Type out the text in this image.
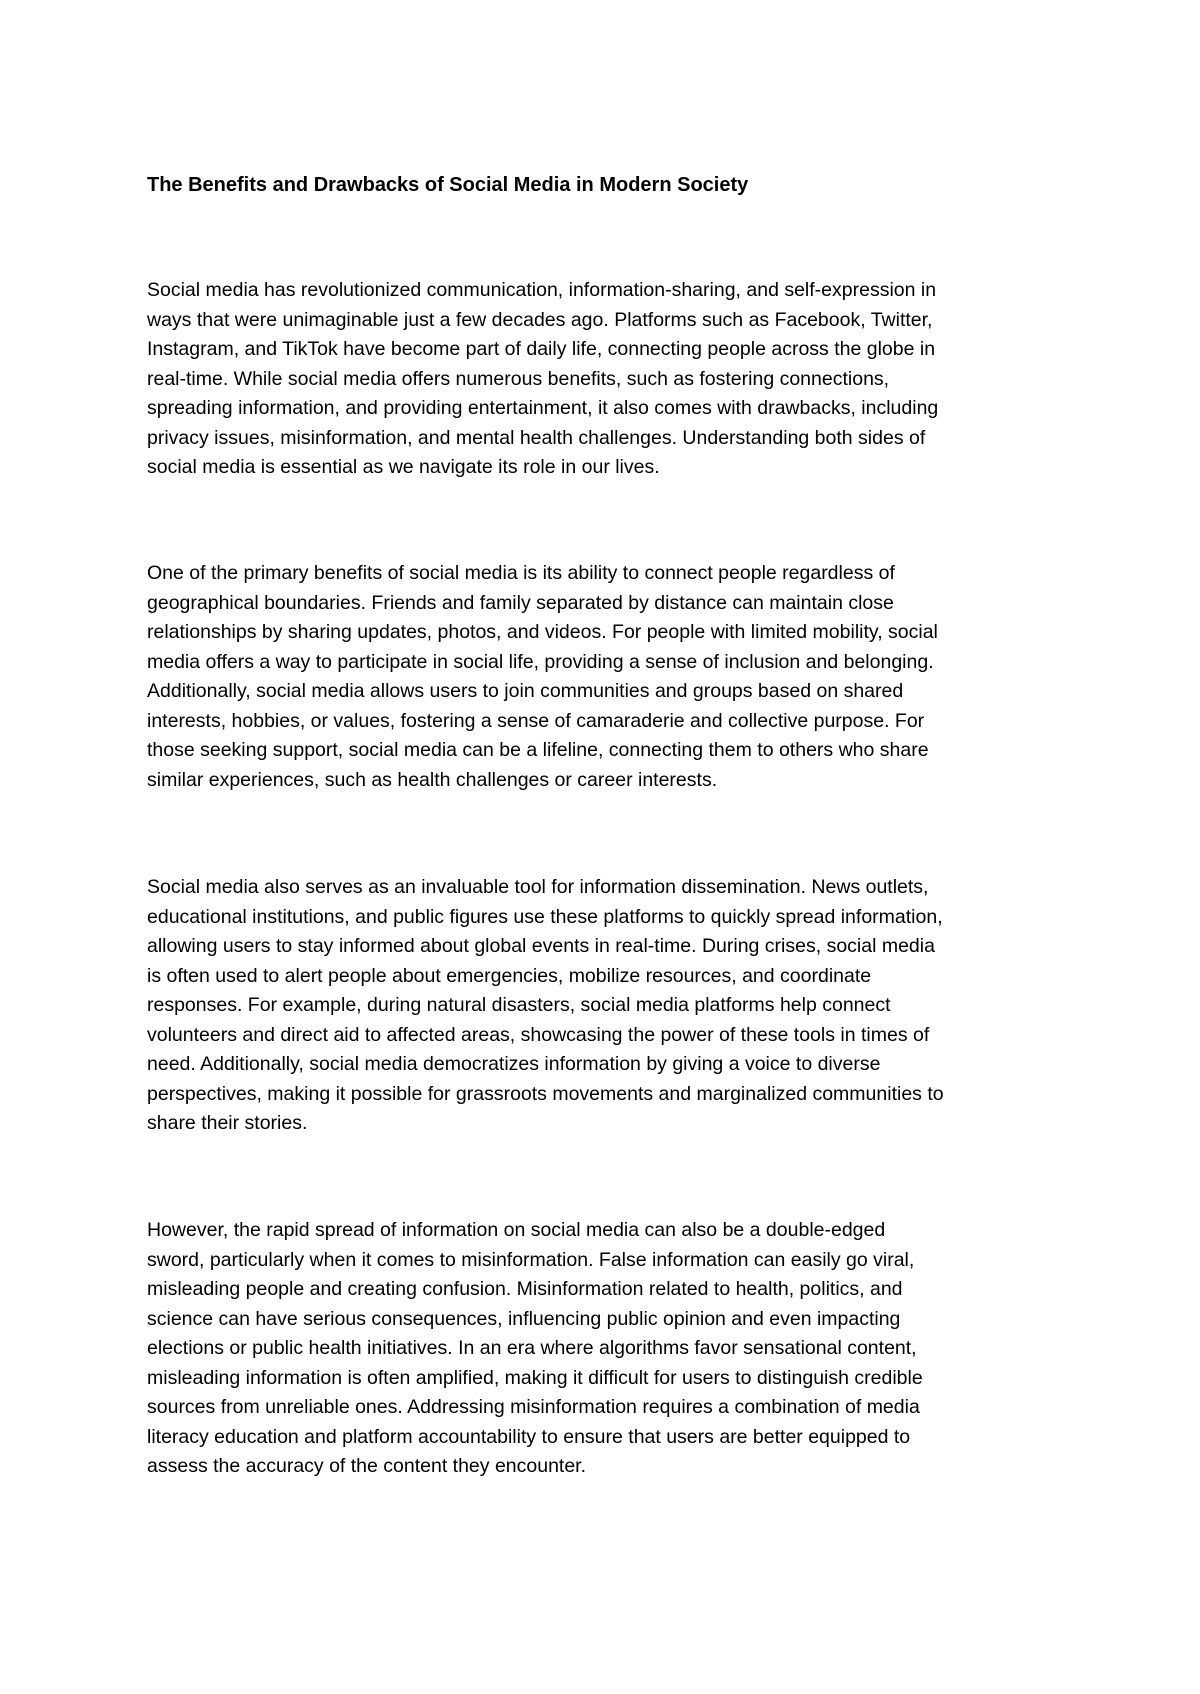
The Benefits and Drawbacks of Social Media in Modern Society

Social media has revolutionized communication, information-sharing, and self-expression in
ways that were unimaginable just a few decades ago. Platforms such as Facebook, Twitter,
Instagram, and TikTok have become part of daily life, connecting people across the globe in
real-time. While social media offers numerous benefits, such as fostering connections,
spreading information, and providing entertainment, it also comes with drawbacks, including
privacy issues, misinformation, and mental health challenges. Understanding both sides of
social media is essential as we navigate its role in our lives.

One of the primary benefits of social media is its ability to connect people regardless of
geographical boundaries. Friends and family separated by distance can maintain close
relationships by sharing updates, photos, and videos. For people with limited mobility, social
media offers a way to participate in social life, providing a sense of inclusion and belonging.
Additionally, social media allows users to join communities and groups based on shared
interests, hobbies, or values, fostering a sense of camaraderie and collective purpose. For
those seeking support, social media can be a lifeline, connecting them to others who share
similar experiences, such as health challenges or career interests.

Social media also serves as an invaluable tool for information dissemination. News outlets,
educational institutions, and public figures use these platforms to quickly spread information,
allowing users to stay informed about global events in real-time. During crises, social media
is often used to alert people about emergencies, mobilize resources, and coordinate
responses. For example, during natural disasters, social media platforms help connect
volunteers and direct aid to affected areas, showcasing the power of these tools in times of
need. Additionally, social media democratizes information by giving a voice to diverse
perspectives, making it possible for grassroots movements and marginalized communities to
share their stories.

However, the rapid spread of information on social media can also be a double-edged
sword, particularly when it comes to misinformation. False information can easily go viral,
misleading people and creating confusion. Misinformation related to health, politics, and
science can have serious consequences, influencing public opinion and even impacting
elections or public health initiatives. In an era where algorithms favor sensational content,
misleading information is often amplified, making it difficult for users to distinguish credible
sources from unreliable ones. Addressing misinformation requires a combination of media
literacy education and platform accountability to ensure that users are better equipped to
assess the accuracy of the content they encounter.
